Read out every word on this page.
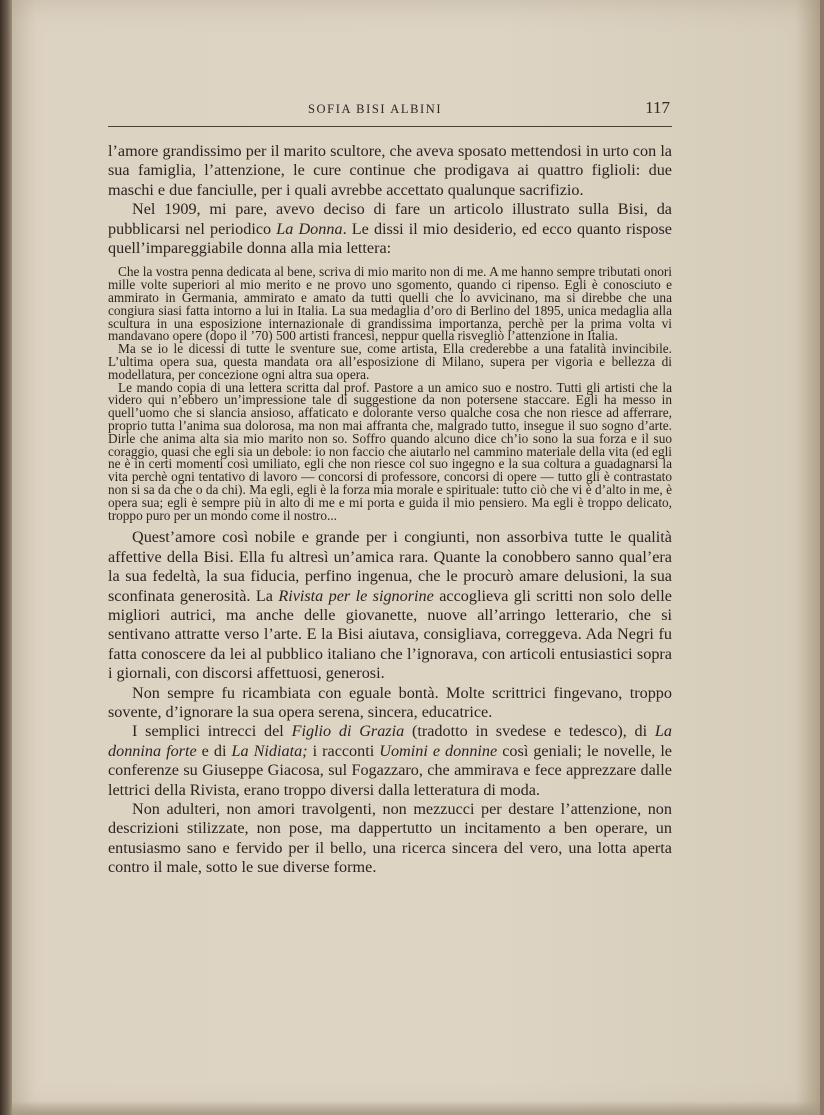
SOFIA BISI ALBINI	117

l’amore grandissimo per il marito scultore, che aveva sposato mettendosi in urto con la sua famiglia, l’attenzione, le cure continue che prodigava ai quattro figlioli: due maschi e due fanciulle, per i quali avrebbe accettato qualunque sacrifizio.

Nel 1909, mi pare, avevo deciso di fare un articolo illustrato sulla Bisi, da pubblicarsi nel periodico La Donna. Le dissi il mio desiderio, ed ecco quanto rispose quell’impareggiabile donna alla mia lettera:

Che la vostra penna dedicata al bene, scriva di mio marito non di me. A me hanno sempre tributati onori mille volte superiori al mio merito e ne provo uno sgomento, quando ci ripenso. Egli è conosciuto e ammirato in Germania, ammirato e amato da tutti quelli che lo avvicinano, ma si direbbe che una congiura siasi fatta intorno a lui in Italia. La sua medaglia d’oro di Berlino del 1895, unica medaglia alla scultura in una esposizione internazionale di grandissima importanza, perchè per la prima volta vi mandavano opere (dopo il ’70) 500 artisti francesi, neppur quella risvegliò l’attenzione in Italia.

Ma se io le dicessi di tutte le sventure sue, come artista, Ella crederebbe a una fatalità invincibile. L’ultima opera sua, questa mandata ora all’esposizione di Milano, supera per vigoria e bellezza di modellatura, per concezione ogni altra sua opera.

Le mando copia di una lettera scritta dal prof. Pastore a un amico suo e nostro. Tutti gli artisti che la videro qui n’ebbero un’impressione tale di suggestione da non potersene staccare. Egli ha messo in quell’uomo che si slancia ansioso, affaticato e dolorante verso qualche cosa che non riesce ad afferrare, proprio tutta l’anima sua dolorosa, ma non mai affranta che, malgrado tutto, insegue il suo sogno d’arte. Dirle che anima alta sia mio marito non so. Soffro quando alcuno dice ch’io sono la sua forza e il suo coraggio, quasi che egli sia un debole: io non faccio che aiutarlo nel cammino materiale della vita (ed egli ne è in certi momenti così umiliato, egli che non riesce col suo ingegno e la sua coltura a guadagnarsi la vita perchè ogni tentativo di lavoro — concorsi di professore, concorsi di opere — tutto gli è contrastato non si sa da che o da chi). Ma egli, egli è la forza mia morale e spirituale: tutto ciò che vi è d’alto in me, è opera sua; egli è sempre più in alto di me e mi porta e guida il mio pensiero. Ma egli è troppo delicato, troppo puro per un mondo come il nostro...

Quest’amore così nobile e grande per i congiunti, non assorbiva tutte le qualità affettive della Bisi. Ella fu altresì un’amica rara. Quante la conobbero sanno qual’era la sua fedeltà, la sua fiducia, perfino ingenua, che le procurò amare delusioni, la sua sconfinata generosità. La Rivista per le signorine accoglieva gli scritti non solo delle migliori autrici, ma anche delle giovanette, nuove all’arringo letterario, che si sentivano attratte verso l’arte. E la Bisi aiutava, consigliava, correggeva. Ada Negri fu fatta conoscere da lei al pubblico italiano che l’ignorava, con articoli entusiastici sopra i giornali, con discorsi affettuosi, generosi.

Non sempre fu ricambiata con eguale bontà. Molte scrittrici fingevano, troppo sovente, d’ignorare la sua opera serena, sincera, educatrice.

I semplici intrecci del Figlio di Grazia (tradotto in svedese e tedesco), di La donnina forte e di La Nidiata; i racconti Uomini e donnine così geniali; le novelle, le conferenze su Giuseppe Giacosa, sul Fogazzaro, che ammirava e fece apprezzare dalle lettrici della Rivista, erano troppo diversi dalla letteratura di moda.

Non adulteri, non amori travolgenti, non mezzucci per destare l’attenzione, non descrizioni stilizzate, non pose, ma dappertutto un incitamento a ben operare, un entusiasmo sano e fervido per il bello, una ricerca sincera del vero, una lotta aperta contro il male, sotto le sue diverse forme.
